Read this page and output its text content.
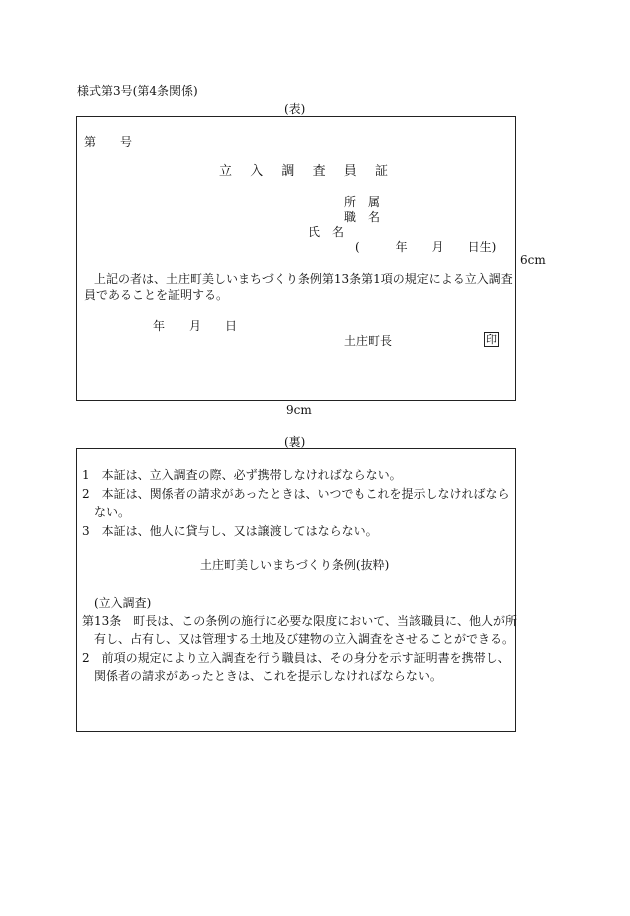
様式第3号(第4条関係)
(表)
第　　号
立　入　調　査　員　証
所　属
職　名
氏　名
(　　　年　　月　　日生)
上記の者は、土庄町美しいまちづくり条例第13条第1項の規定による立入調査
員であることを証明する。
年　　月　　日
土庄町長	印
6cm
9cm
(裏)
1　本証は、立入調査の際、必ず携帯しなければならない。
2　本証は、関係者の請求があったときは、いつでもこれを提示しなければなら
ない。
3　本証は、他人に貸与し、又は譲渡してはならない。
土庄町美しいまちづくり条例(抜粋)
(立入調査)
第13条　町長は、この条例の施行に必要な限度において、当該職員に、他人が所
有し、占有し、又は管理する土地及び建物の立入調査をさせることができる。
2　前項の規定により立入調査を行う職員は、その身分を示す証明書を携帯し、
関係者の請求があったときは、これを提示しなければならない。
